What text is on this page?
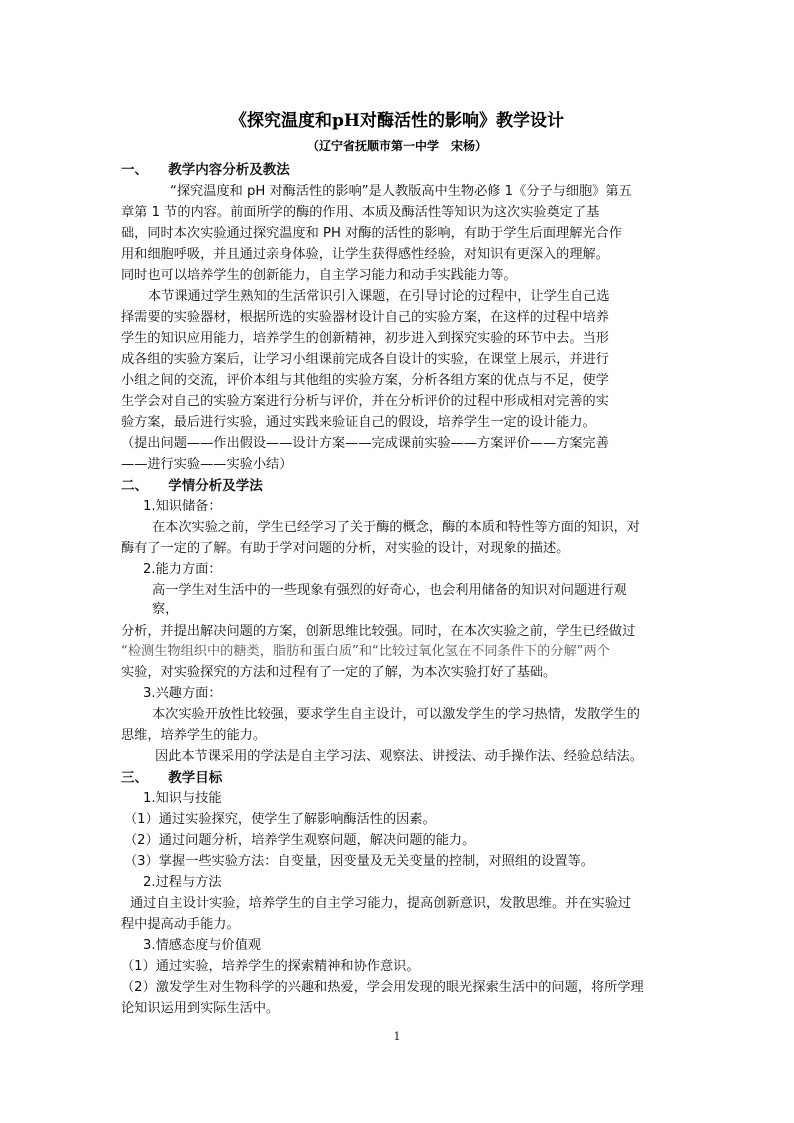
《探究温度和pH对酶活性的影响》教学设计
（辽宁省抚顺市第一中学　宋杨）

一、　　教学内容分析及教法

“探究温度和 pH 对酶活性的影响”是人教版高中生物必修 1《分子与细胞》第五

章第 1 节的内容。前面所学的酶的作用、本质及酶活性等知识为这次实验奠定了基

础，同时本次实验通过探究温度和 PH 对酶的活性的影响，有助于学生后面理解光合作

用和细胞呼吸，并且通过亲身体验，让学生获得感性经验，对知识有更深入的理解。

同时也可以培养学生的创新能力，自主学习能力和动手实践能力等。

本节课通过学生熟知的生活常识引入课题，在引导讨论的过程中，让学生自己选

择需要的实验器材，根据所选的实验器材设计自己的实验方案，在这样的过程中培养

学生的知识应用能力，培养学生的创新精神，初步进入到探究实验的环节中去。当形

成各组的实验方案后，让学习小组课前完成各自设计的实验，在课堂上展示，并进行

小组之间的交流，评价本组与其他组的实验方案，分析各组方案的优点与不足，使学

生学会对自己的实验方案进行分析与评价，并在分析评价的过程中形成相对完善的实

验方案，最后进行实验，通过实践来验证自己的假设，培养学生一定的设计能力。

（提出问题——作出假设——设计方案——完成课前实验——方案评价——方案完善

——进行实验——实验小结）

二、　　学情分析及学法

1.知识储备：

在本次实验之前，学生已经学习了关于酶的概念，酶的本质和特性等方面的知识，对

酶有了一定的了解。有助于学对问题的分析，对实验的设计，对现象的描述。

2.能力方面：

高一学生对生活中的一些现象有强烈的好奇心，也会利用储备的知识对问题进行观

察，

分析，并提出解决问题的方案，创新思维比较强。同时，在本次实验之前，学生已经做过

“检测生物组织中的糖类，脂肪和蛋白质”和“比较过氧化氢在不同条件下的分解”两个

实验，对实验探究的方法和过程有了一定的了解，为本次实验打好了基础。

3.兴趣方面：

本次实验开放性比较强，要求学生自主设计，可以激发学生的学习热情，发散学生的

思维，培养学生的能力。

因此本节课采用的学法是自主学习法、观察法、讲授法、动手操作法、经验总结法。

三、　　教学目标

1.知识与技能

（1）通过实验探究，使学生了解影响酶活性的因素。

（2）通过问题分析，培养学生观察问题，解决问题的能力。

（3）掌握一些实验方法：自变量，因变量及无关变量的控制，对照组的设置等。

2.过程与方法

通过自主设计实验，培养学生的自主学习能力，提高创新意识，发散思维。并在实验过

程中提高动手能力。

3.情感态度与价值观

（1）通过实验，培养学生的探索精神和协作意识。

（2）激发学生对生物科学的兴趣和热爱，学会用发现的眼光探索生活中的问题，将所学理

论知识运用到实际生活中。

1
